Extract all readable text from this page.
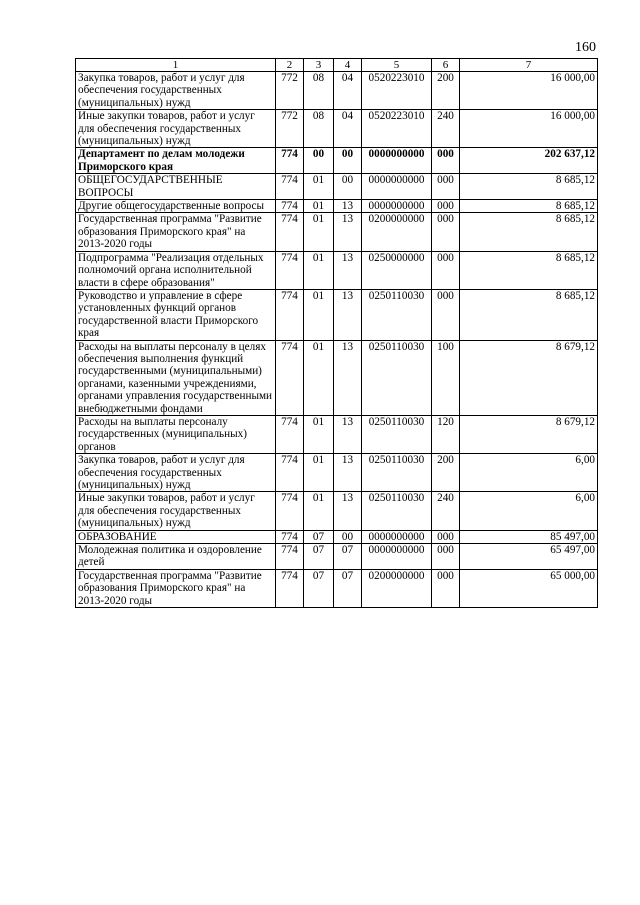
160
1	2	3	4	5	6	7
Закупка товаров, работ и услуг для обеспечения государственных (муниципальных) нужд	772	08	04	0520223010	200	16 000,00
Иные закупки товаров, работ и услуг для обеспечения государственных (муниципальных) нужд	772	08	04	0520223010	240	16 000,00
Департамент по делам молодежи Приморского края	774	00	00	0000000000	000	202 637,12
ОБЩЕГОСУДАРСТВЕННЫЕ ВОПРОСЫ	774	01	00	0000000000	000	8 685,12
Другие общегосударственные вопросы	774	01	13	0000000000	000	8 685,12
Государственная программа "Развитие образования Приморского края" на 2013-2020 годы	774	01	13	0200000000	000	8 685,12
Подпрограмма "Реализация отдельных полномочий органа исполнительной власти в сфере образования"	774	01	13	0250000000	000	8 685,12
Руководство и управление в сфере установленных функций органов государственной власти Приморского края	774	01	13	0250110030	000	8 685,12
Расходы на выплаты персоналу в целях обеспечения выполнения функций государственными (муниципальными) органами, казенными учреждениями, органами управления государственными внебюджетными фондами	774	01	13	0250110030	100	8 679,12
Расходы на выплаты персоналу государственных (муниципальных) органов	774	01	13	0250110030	120	8 679,12
Закупка товаров, работ и услуг для обеспечения государственных (муниципальных) нужд	774	01	13	0250110030	200	6,00
Иные закупки товаров, работ и услуг для обеспечения государственных (муниципальных) нужд	774	01	13	0250110030	240	6,00
ОБРАЗОВАНИЕ	774	07	00	0000000000	000	85 497,00
Молодежная политика и оздоровление детей	774	07	07	0000000000	000	65 497,00
Государственная программа "Развитие образования Приморского края" на 2013-2020 годы	774	07	07	0200000000	000	65 000,00
